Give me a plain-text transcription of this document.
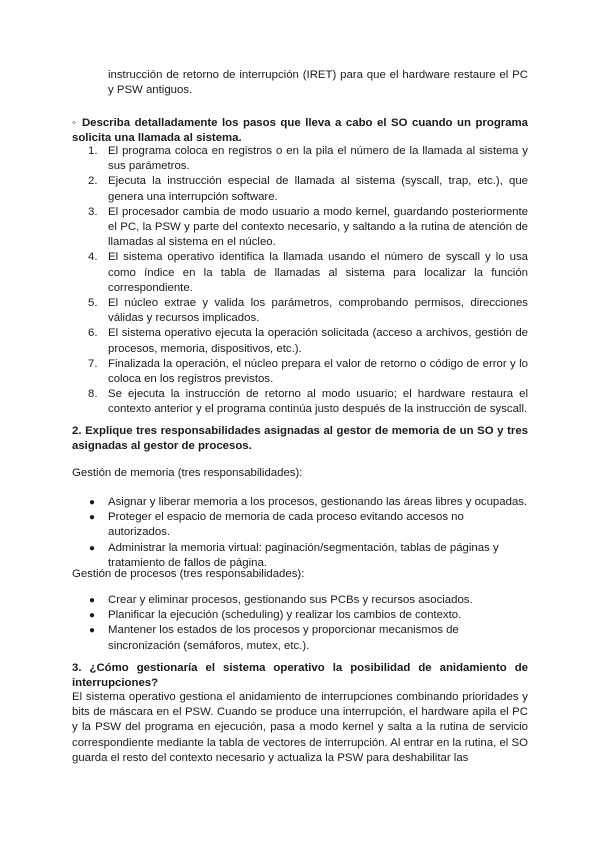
instrucción de retorno de interrupción (IRET) para que el hardware restaure el PC y PSW antiguos.
◦ Describa detalladamente los pasos que lleva a cabo el SO cuando un programa solicita una llamada al sistema.
1. El programa coloca en registros o en la pila el número de la llamada al sistema y sus parámetros.
2. Ejecuta la instrucción especial de llamada al sistema (syscall, trap, etc.), que genera una interrupción software.
3. El procesador cambia de modo usuario a modo kernel, guardando posteriormente el PC, la PSW y parte del contexto necesario, y saltando a la rutina de atención de llamadas al sistema en el núcleo.
4. El sistema operativo identifica la llamada usando el número de syscall y lo usa como índice en la tabla de llamadas al sistema para localizar la función correspondiente.
5. El núcleo extrae y valida los parámetros, comprobando permisos, direcciones válidas y recursos implicados.
6. El sistema operativo ejecuta la operación solicitada (acceso a archivos, gestión de procesos, memoria, dispositivos, etc.).
7. Finalizada la operación, el núcleo prepara el valor de retorno o código de error y lo coloca en los registros previstos.
8. Se ejecuta la instrucción de retorno al modo usuario; el hardware restaura el contexto anterior y el programa continúa justo después de la instrucción de syscall.
2. Explique tres responsabilidades asignadas al gestor de memoria de un SO y tres asignadas al gestor de procesos.
Gestión de memoria (tres responsabilidades):
● Asignar y liberar memoria a los procesos, gestionando las áreas libres y ocupadas.
● Proteger el espacio de memoria de cada proceso evitando accesos no autorizados.
● Administrar la memoria virtual: paginación/segmentación, tablas de páginas y tratamiento de fallos de página.
Gestión de procesos (tres responsabilidades):
● Crear y eliminar procesos, gestionando sus PCBs y recursos asociados.
● Planificar la ejecución (scheduling) y realizar los cambios de contexto.
● Mantener los estados de los procesos y proporcionar mecanismos de sincronización (semáforos, mutex, etc.).
3. ¿Cómo gestionaría el sistema operativo la posibilidad de anidamiento de interrupciones?
El sistema operativo gestiona el anidamiento de interrupciones combinando prioridades y bits de máscara en el PSW. Cuando se produce una interrupción, el hardware apila el PC y la PSW del programa en ejecución, pasa a modo kernel y salta a la rutina de servicio correspondiente mediante la tabla de vectores de interrupción. Al entrar en la rutina, el SO guarda el resto del contexto necesario y actualiza la PSW para deshabilitar las
